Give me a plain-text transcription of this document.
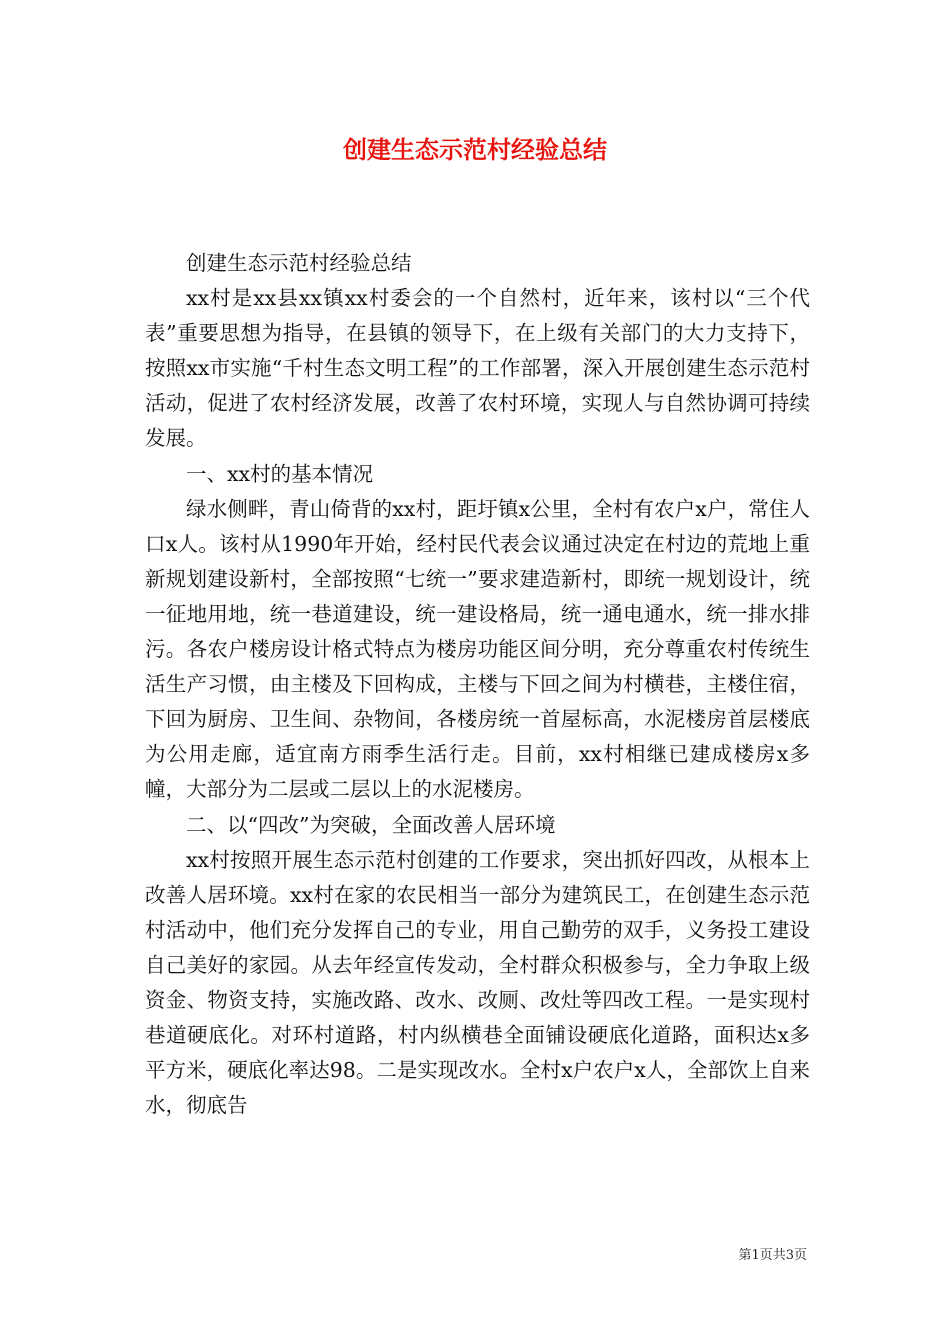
创建生态示范村经验总结

创建生态示范村经验总结

xx村是xx县xx镇xx村委会的一个自然村，近年来，该村以“三个代表”重要思想为指导，在县镇的领导下，在上级有关部门的大力支持下，按照xx市实施“千村生态文明工程”的工作部署，深入开展创建生态示范村活动，促进了农村经济发展，改善了农村环境，实现人与自然协调可持续发展。

一、xx村的基本情况

绿水侧畔，青山倚背的xx村，距圩镇x公里，全村有农户x户，常住人口x人。该村从1990年开始，经村民代表会议通过决定在村边的荒地上重新规划建设新村，全部按照“七统一”要求建造新村，即统一规划设计，统一征地用地，统一巷道建设，统一建设格局，统一通电通水，统一排水排污。各农户楼房设计格式特点为楼房功能区间分明，充分尊重农村传统生活生产习惯，由主楼及下回构成，主楼与下回之间为村横巷，主楼住宿，下回为厨房、卫生间、杂物间，各楼房统一首屋标高，水泥楼房首层楼底为公用走廊，适宜南方雨季生活行走。目前，xx村相继已建成楼房x多幢，大部分为二层或二层以上的水泥楼房。

二、以“四改”为突破，全面改善人居环境

xx村按照开展生态示范村创建的工作要求，突出抓好四改，从根本上改善人居环境。xx村在家的农民相当一部分为建筑民工，在创建生态示范村活动中，他们充分发挥自己的专业，用自己勤劳的双手，义务投工建设自己美好的家园。从去年经宣传发动，全村群众积极参与，全力争取上级资金、物资支持，实施改路、改水、改厕、改灶等四改工程。一是实现村巷道硬底化。对环村道路，村内纵横巷全面铺设硬底化道路，面积达x多平方米，硬底化率达98。二是实现改水。全村x户农户x人，全部饮上自来水，彻底告

第1页共3页
